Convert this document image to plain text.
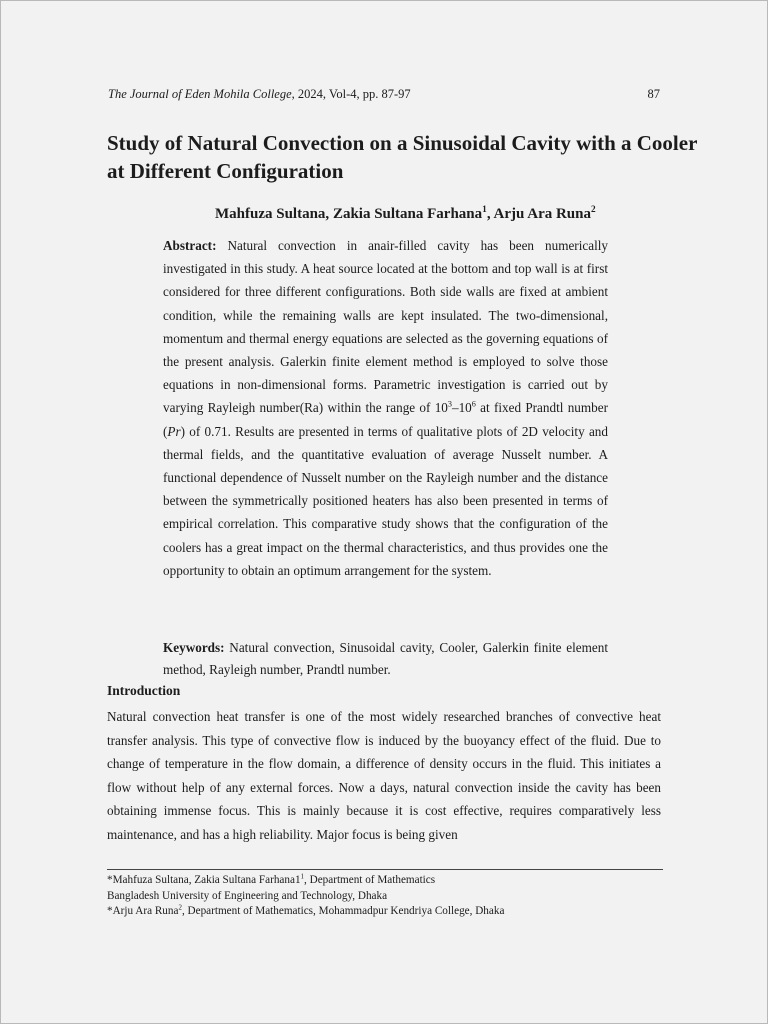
The Journal of Eden Mohila College, 2024, Vol-4, pp. 87-97	87
Study of Natural Convection on a Sinusoidal Cavity with a Cooler at Different Configuration
Mahfuza Sultana, Zakia Sultana Farhana$^1$, Arju Ara Runa$^2$

Abstract: Natural convection in anair-filled cavity has been numerically investigated in this study. A heat source located at the bottom and top wall is at first considered for three different configurations. Both side walls are fixed at ambient condition, while the remaining walls are kept insulated. The two-dimensional, momentum and thermal energy equations are selected as the governing equations of the present analysis. Galerkin finite element method is employed to solve those equations in non-dimensional forms. Parametric investigation is carried out by varying Rayleigh number(Ra) within the range of $10^3-10^6$ at fixed Prandtl number (Pr) of 0.71. Results are presented in terms of qualitative plots of 2D velocity and thermal fields, and the quantitative evaluation of average Nusselt number. A functional dependence of Nusselt number on the Rayleigh number and the distance between the symmetrically positioned heaters has also been presented in terms of empirical correlation. This comparative study shows that the configuration of the coolers has a great impact on the thermal characteristics, and thus provides one the opportunity to obtain an optimum arrangement for the system.

Keywords: Natural convection, Sinusoidal cavity, Cooler, Galerkin finite element method, Rayleigh number, Prandtl number.

Introduction

Natural convection heat transfer is one of the most widely researched branches of convective heat transfer analysis. This type of convective flow is induced by the buoyancy effect of the fluid. Due to change of temperature in the flow domain, a difference of density occurs in the fluid. This initiates a flow without help of any external forces. Now a days, natural convection inside the cavity has been obtaining immense focus. This is mainly because it is cost effective, requires comparatively less maintenance, and has a high reliability. Major focus is being given

*Mahfuza Sultana, Zakia Sultana $Farhana1^1$, Department of Mathematics
Bangladesh University of Engineering and Technology, Dhaka
*Arju Ara Runa$^2$, Department of Mathematics, Mohammadpur Kendriya College, Dhaka
